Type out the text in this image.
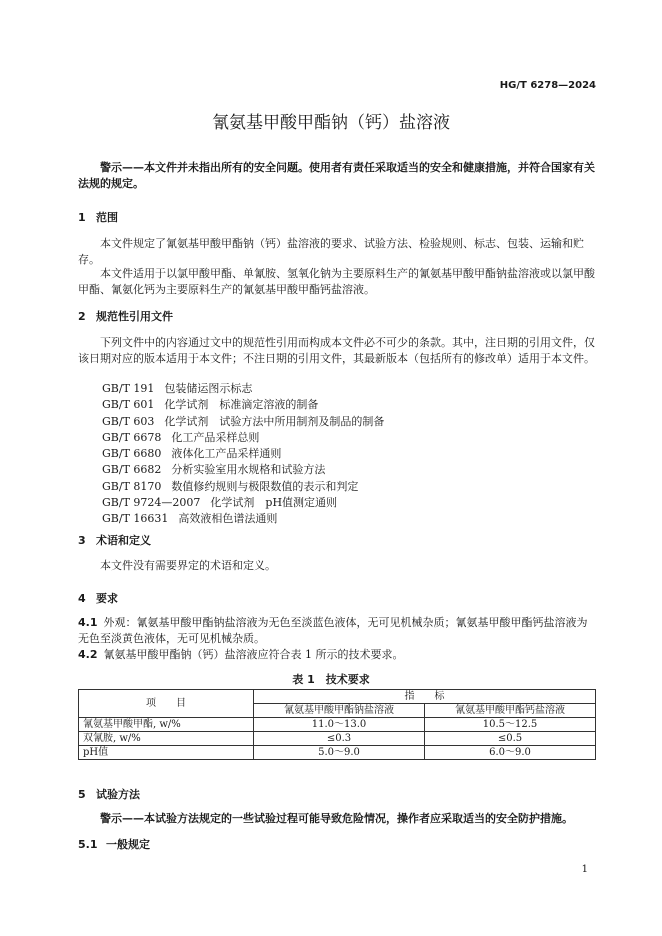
HG/T 6278—2024
氰氨基甲酸甲酯钠（钙）盐溶液

警示——本文件并未指出所有的安全问题。使用者有责任采取适当的安全和健康措施，并符合国家有关法规的规定。

1 范围

本文件规定了氰氨基甲酸甲酯钠（钙）盐溶液的要求、试验方法、检验规则、标志、包装、运输和贮存。

本文件适用于以氯甲酸甲酯、单氰胺、氢氧化钠为主要原料生产的氰氨基甲酸甲酯钠盐溶液或以氯甲酸甲酯、氰氨化钙为主要原料生产的氰氨基甲酸甲酯钙盐溶液。

2 规范性引用文件

下列文件中的内容通过文中的规范性引用而构成本文件必不可少的条款。其中，注日期的引用文件，仅该日期对应的版本适用于本文件；不注日期的引用文件，其最新版本（包括所有的修改单）适用于本文件。

GB/T 191 包装储运图示标志
GB/T 601 化学试剂　标准滴定溶液的制备
GB/T 603 化学试剂　试验方法中所用制剂及制品的制备
GB/T 6678 化工产品采样总则
GB/T 6680 液体化工产品采样通则
GB/T 6682 分析实验室用水规格和试验方法
GB/T 8170 数值修约规则与极限数值的表示和判定
GB/T 9724—2007 化学试剂　pH值测定通则
GB/T 16631 高效液相色谱法通则
3 术语和定义

本文件没有需要界定的术语和定义。

4 要求
4.1 外观：氰氨基甲酸甲酯钠盐溶液为无色至淡蓝色液体，无可见机械杂质；氰氨基甲酸甲酯钙盐溶液为无色至淡黄色液体，无可见机械杂质。
4.2 氰氨基甲酸甲酯钠（钙）盐溶液应符合表 1 所示的技术要求。
表 1　技术要求
项　　目	指　　标	
	氰氨基甲酸甲酯钠盐溶液	氰氨基甲酸甲酯钙盐溶液
氰氨基甲酸甲酯, w/%	11.0～13.0	10.5～12.5
双氰胺, w/%	≤0.3	≤0.5
pH值	5.0～9.0	6.0～9.0
5 试验方法

警示——本试验方法规定的一些试验过程可能导致危险情况，操作者应采取适当的安全防护措施。

5.1 一般规定
1
